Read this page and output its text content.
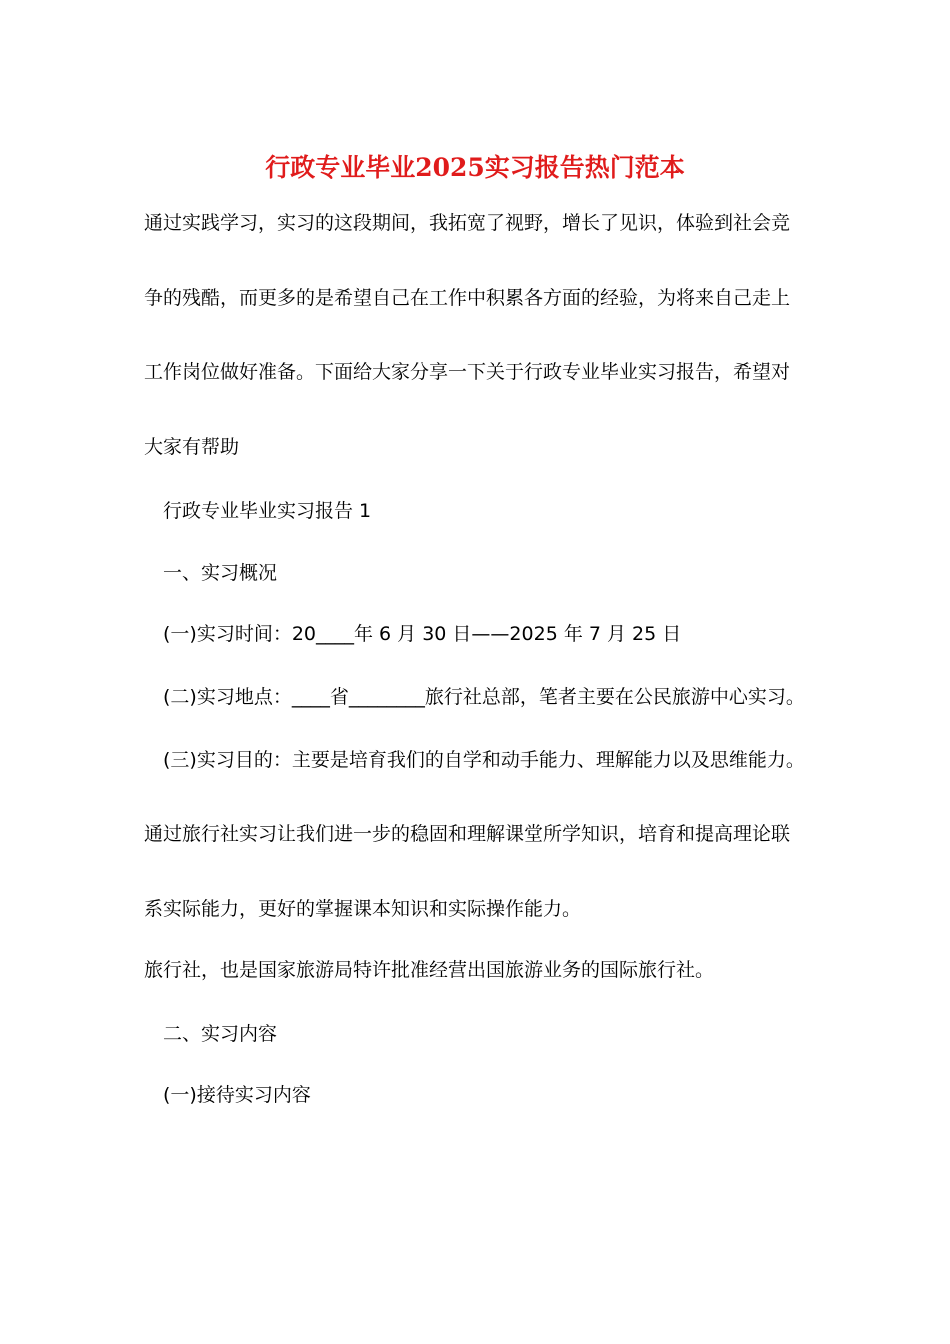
行政专业毕业2025实习报告热门范本
通过实践学习，实习的这段期间，我拓宽了视野，增长了见识，体验到社会竞
争的残酷，而更多的是希望自己在工作中积累各方面的经验，为将来自己走上
工作岗位做好准备。下面给大家分享一下关于行政专业毕业实习报告，希望对
大家有帮助
行政专业毕业实习报告 1
一、实习概况
(一)实习时间：20____年 6 月 30 日——2025 年 7 月 25 日
(二)实习地点：____省________旅行社总部，笔者主要在公民旅游中心实习。
(三)实习目的：主要是培育我们的自学和动手能力、理解能力以及思维能力。
通过旅行社实习让我们进一步的稳固和理解课堂所学知识，培育和提高理论联
系实际能力，更好的掌握课本知识和实际操作能力。
旅行社，也是国家旅游局特许批准经营出国旅游业务的国际旅行社。
二、实习内容
(一)接待实习内容
